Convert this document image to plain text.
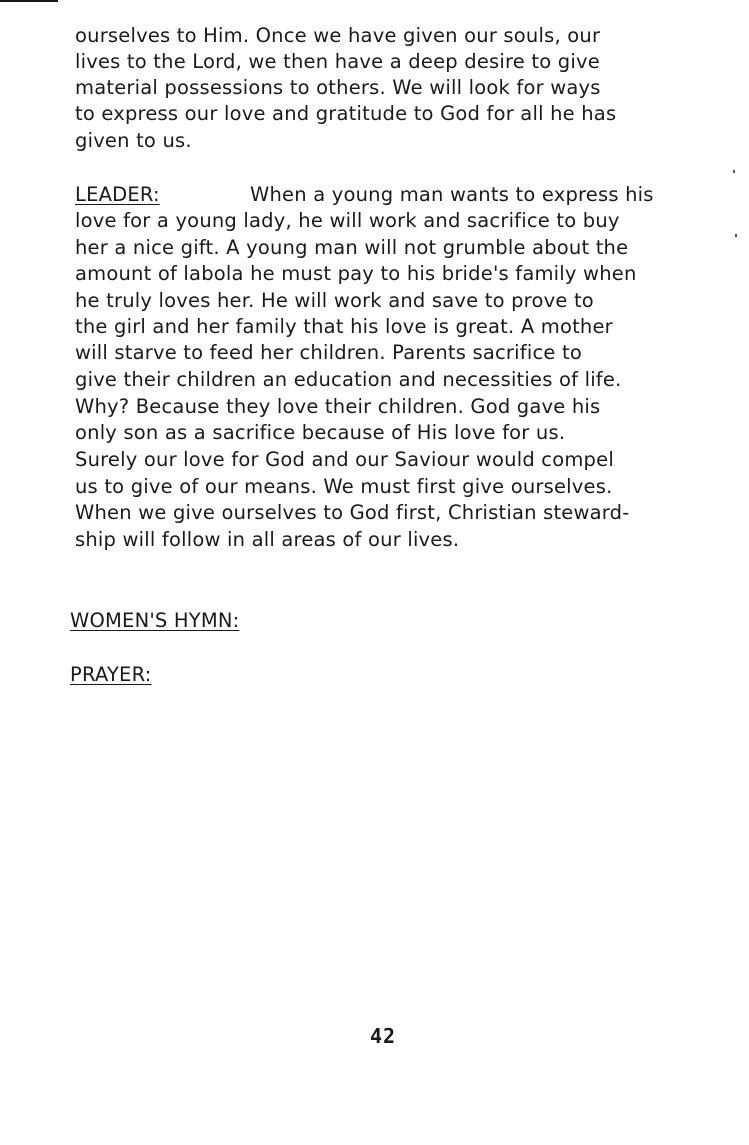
ourselves to Him. Once we have given our souls, our
lives to the Lord, we then have a deep desire to give
material possessions to others. We will look for ways
to express our love and gratitude to God for all he has
given to us.
LEADER:	When a young man wants to express his
love for a young lady, he will work and sacrifice to buy
her a nice gift. A young man will not grumble about the
amount of labola he must pay to his bride's family when
he truly loves her. He will work and save to prove to
the girl and her family that his love is great. A mother
will starve to feed her children. Parents sacrifice to
give their children an education and necessities of life.
Why? Because they love their children. God gave his
only son as a sacrifice because of His love for us.
Surely our love for God and our Saviour would compel
us to give of our means. We must first give ourselves.
When we give ourselves to God first, Christian steward-
ship will follow in all areas of our lives.
WOMEN'S HYMN:
PRAYER:
42
